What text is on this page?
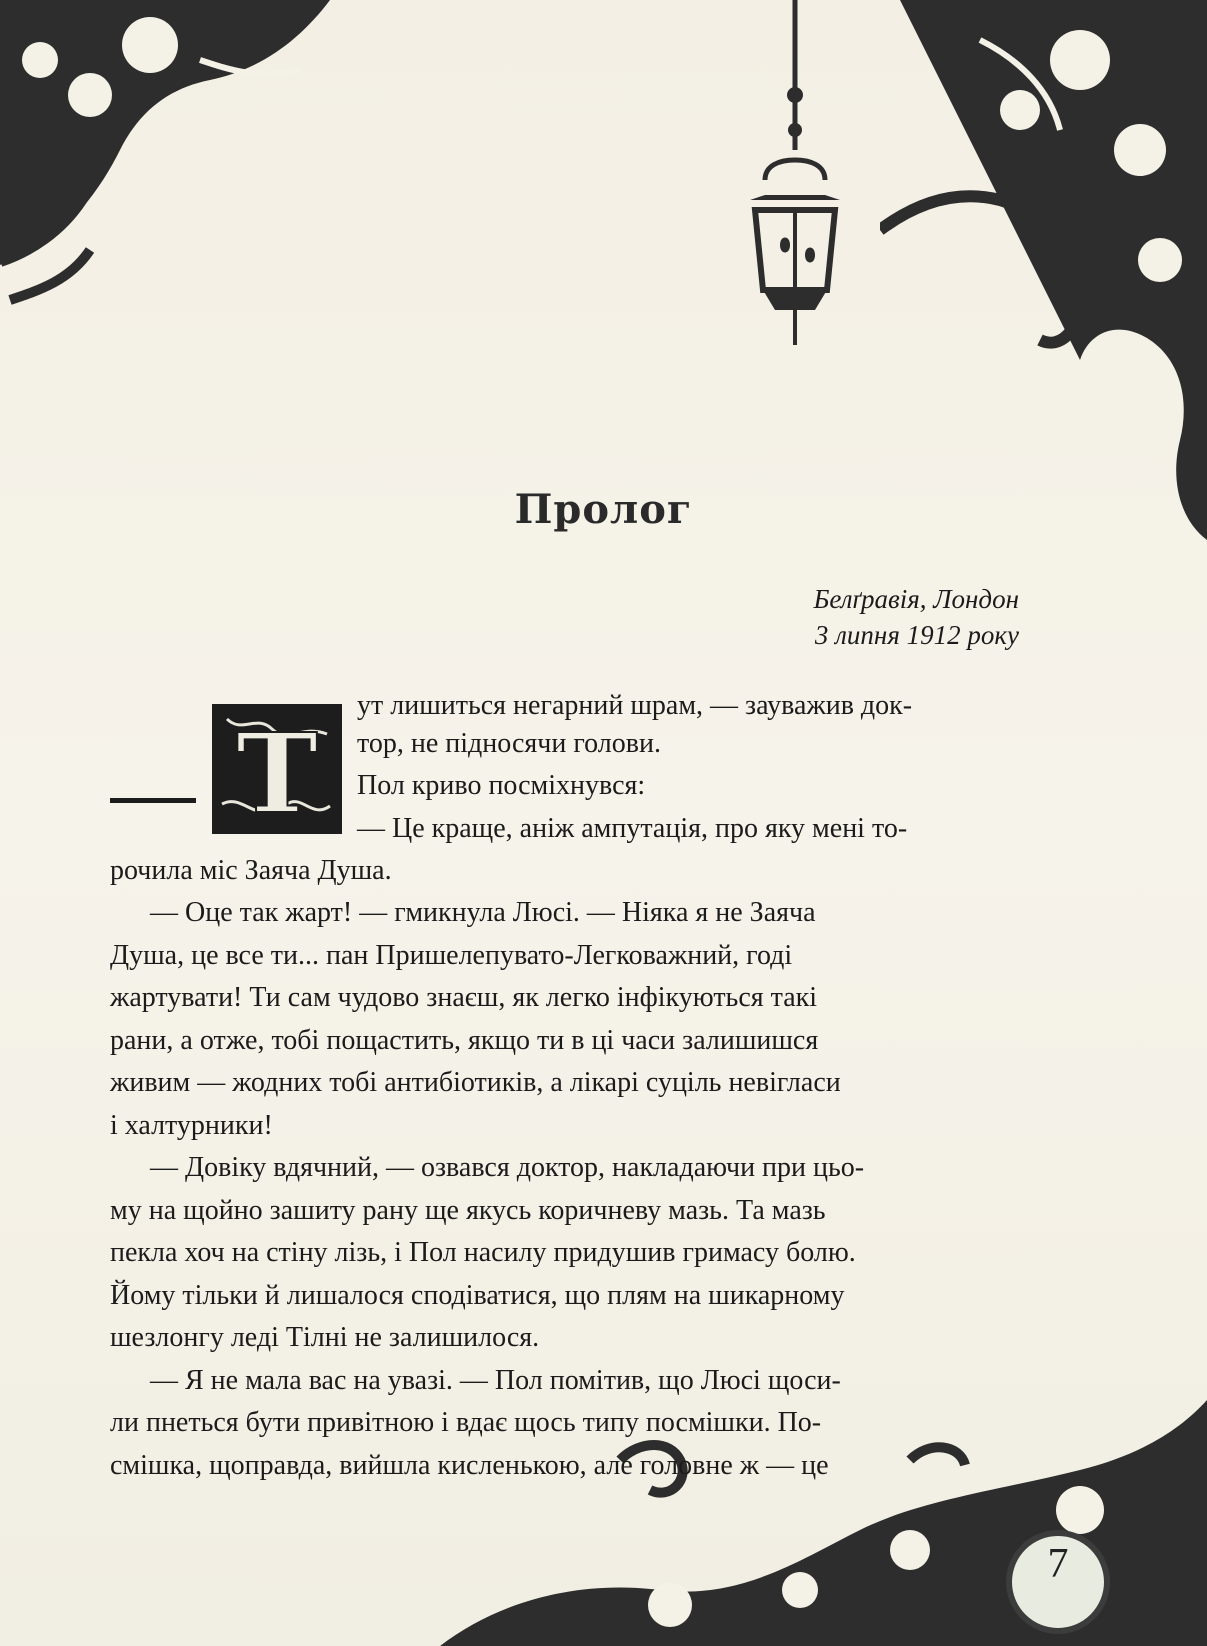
Пролог
Белґравія, Лондон
3 липня 1912 року
Т
ут лишиться негарний шрам, — зауважив док-
тор, не підносячи голови.
Пол криво посміхнувся:
— Це краще, аніж ампутація, про яку мені то-
рочила міс Заяча Душа.
— Оце так жарт! — гмикнула Люсі. — Ніяка я не Заяча
Душа, це все ти... пан Пришелепувато-Легковажний, годі
жартувати! Ти сам чудово знаєш, як легко інфікуються такі
рани, а отже, тобі пощастить, якщо ти в ці часи залишишся
живим — жодних тобі антибіотиків, а лікарі суціль невігласи
і халтурники!
— Довіку вдячний, — озвався доктор, накладаючи при цьо-
му на щойно зашиту рану ще якусь коричневу мазь. Та мазь
пекла хоч на стіну лізь, і Пол насилу придушив гримасу болю.
Йому тільки й лишалося сподіватися, що плям на шикарному
шезлонгу леді Тілні не залишилося.
— Я не мала вас на увазі. — Пол помітив, що Люсі щоси-
ли пнеться бути привітною і вдає щось типу посмішки. По-
смішка, щоправда, вийшла кисленькою, але головне ж — це
7
